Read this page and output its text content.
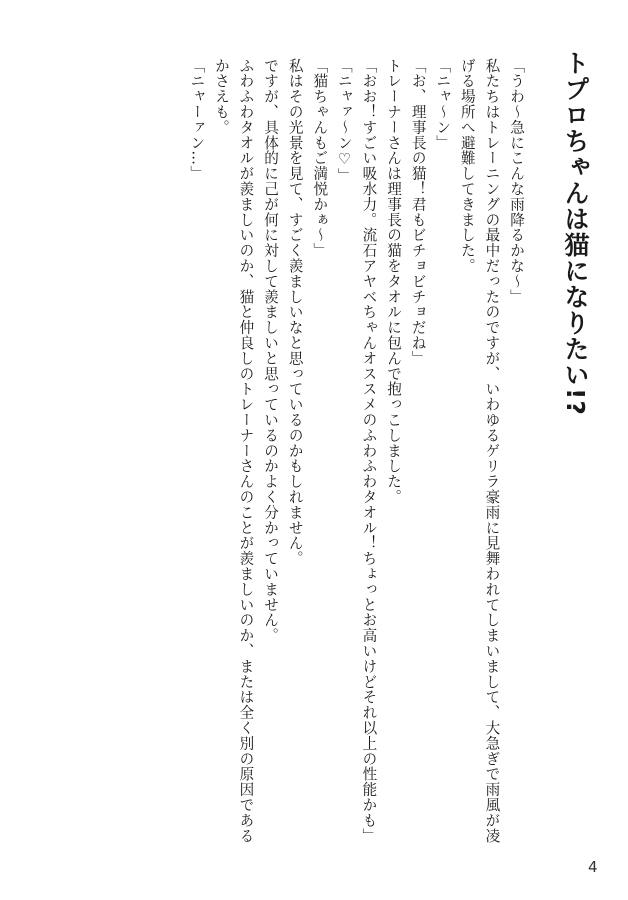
トプロちゃんは猫になりたい!?

「うわ〜急にこんな雨降るかな〜」

私たちはトレーニングの最中だったのですが、いわゆるゲリラ豪雨に見舞われてしまいまして、大急ぎで雨風が凌げる場所へ避難してきました。

「ニャ〜ン」

「お、理事長の猫！君もビチョビチョだね」

トレーナーさんは理事長の猫をタオルに包んで抱っこしました。

「おお！すごい吸水力。流石アヤベちゃんオススメのふわふわタオル！ちょっとお高いけどそれ以上の性能かも」

「ニャァ〜ン♡」

「猫ちゃんもご満悦かぁ〜」

私はその光景を見て、すごく羨ましいなと思っているのかもしれません。

ですが、具体的に己が何に対して羨ましいと思っているのかよく分かっていません。

ふわふわタオルが羨ましいのか、猫と仲良しのトレーナーさんのことが羨ましいのか、または全く別の原因であるかさえも。

「ニャーァン…」

4
